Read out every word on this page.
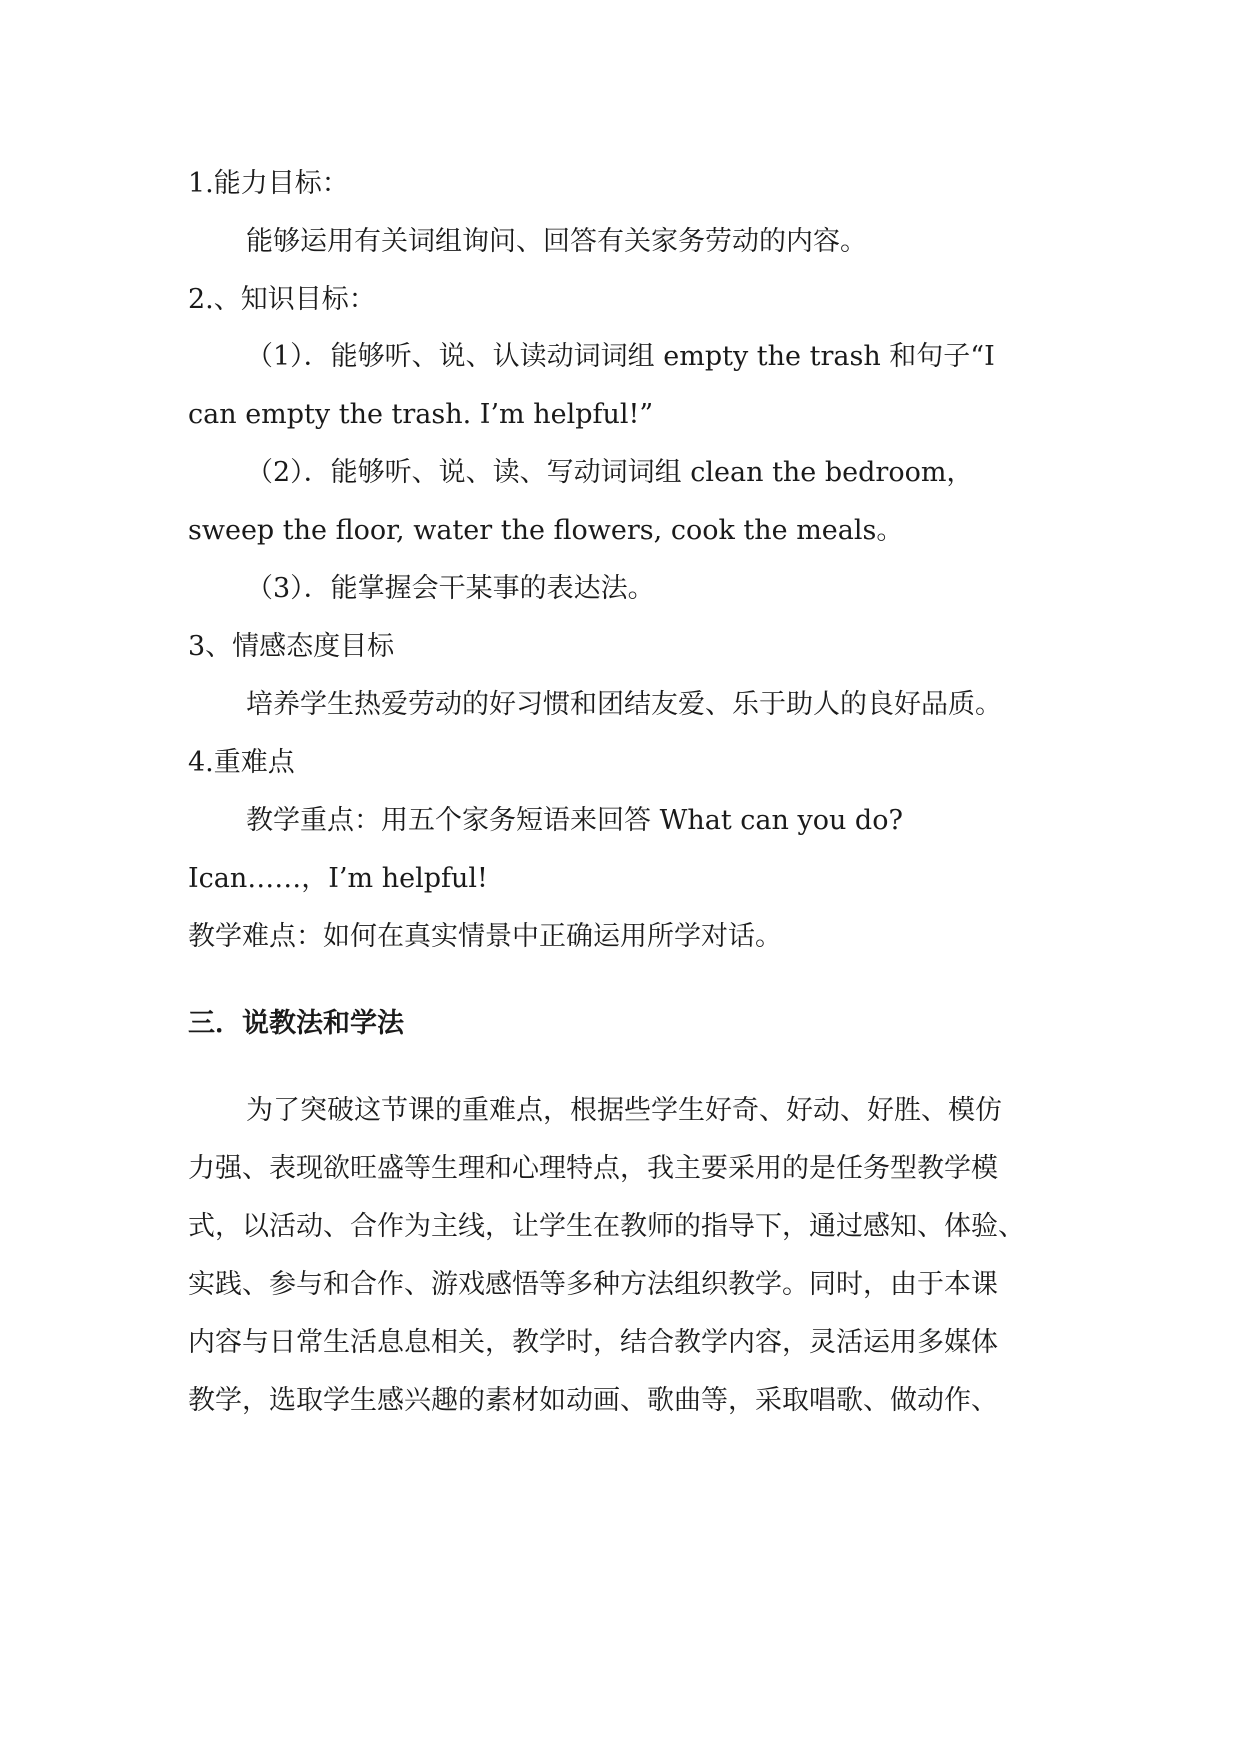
1.能力目标：
能够运用有关词组询问、回答有关家务劳动的内容。
2.、知识目标：
（1）．能够听、说、认读动词词组 empty the trash 和句子“I
can empty the trash. I’m helpful!”
（2）．能够听、说、读、写动词词组 clean the bedroom，
sweep the floor, water the flowers, cook the meals。
（3）．能掌握会干某事的表达法。
3、情感态度目标
培养学生热爱劳动的好习惯和团结友爱、乐于助人的良好品质。
4.重难点
教学重点：用五个家务短语来回答 What can you do?
Ican……，I’m helpful!
教学难点：如何在真实情景中正确运用所学对话。
三．说教法和学法
为了突破这节课的重难点，根据些学生好奇、好动、好胜、模仿
力强、表现欲旺盛等生理和心理特点，我主要采用的是任务型教学模
式，以活动、合作为主线，让学生在教师的指导下，通过感知、体验、
实践、参与和合作、游戏感悟等多种方法组织教学。同时，由于本课
内容与日常生活息息相关，教学时，结合教学内容，灵活运用多媒体
教学，选取学生感兴趣的素材如动画、歌曲等，采取唱歌、做动作、
